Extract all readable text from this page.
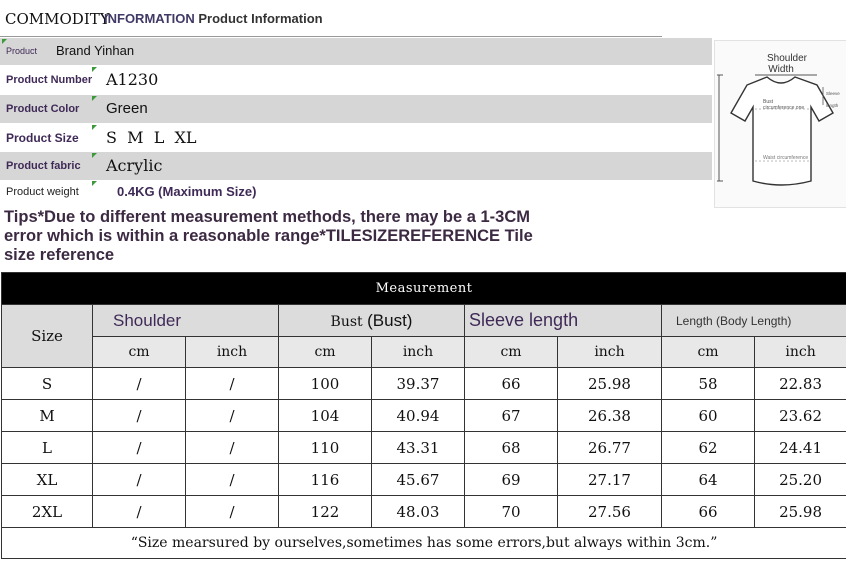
COMMODITY
INFORMATION Product Information
Product Brand Yinhan
Product Number A1230
Product Color Green
Product Size S  M  L  XL
Product fabric Acrylic
Product weight	0.4KG (Maximum Size)
Shoulder
Width
Bust
circumference one
Sleeve
length
Waist circumference
Tips*Due to different measurement methods, there may be a 1-3CM error which is within a reasonable range*TILESIZEREFERENCE Tile size reference
Measurement								
Size	Shoulder		Bust (Bust)		Sleeve length		Length (Body Length)	
	cm	inch	cm	inch	cm	inch	cm	inch
S	/	/	100	39.37	66	25.98	58	22.83
M	/	/	104	40.94	67	26.38	60	23.62
L	/	/	110	43.31	68	26.77	62	24.41
XL	/	/	116	45.67	69	27.17	64	25.20
2XL	/	/	122	48.03	70	27.56	66	25.98
“Size mearsured by ourselves,sometimes has some errors,but always within 3cm.”								
